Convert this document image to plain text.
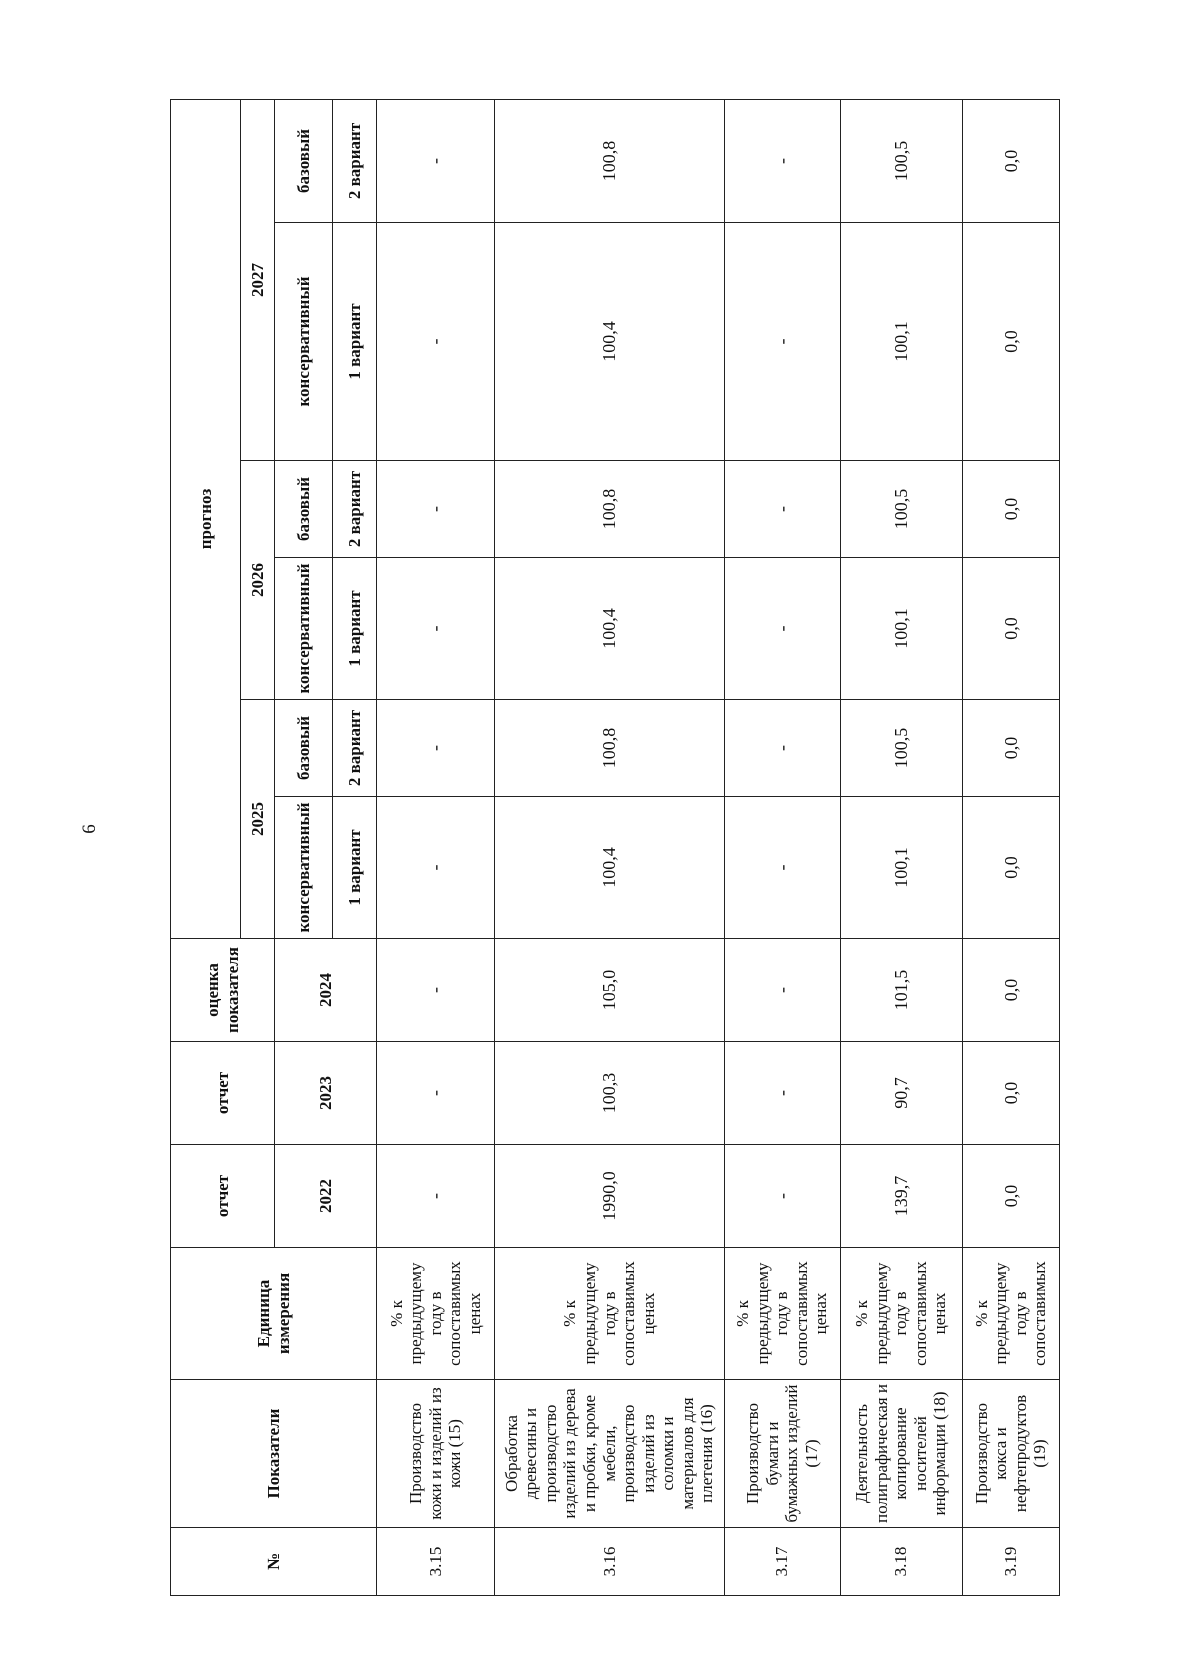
6
№	Показатели	Единица измерения	отчет	отчет	оценка показателя	прогноз					
						2025		2026		2027	
			2022	2023	2024	консервативный	базовый	консервативный	базовый	консервативный	базовый
						1 вариант	2 вариант	1 вариант	2 вариант	1 вариант	2 вариант
3.15	Производство кожи и изделий из кожи (15)	% к предыдущему году в сопоставимых ценах	-	-	-	-	-	-	-	-	-
3.16	Обработка древесины и производство изделий из дерева и пробки, кроме мебели, производство изделий из соломки и материалов для плетения (16)	% к предыдущему году в сопоставимых ценах	1990,0	100,3	105,0	100,4	100,8	100,4	100,8	100,4	100,8
3.17	Производство бумаги и бумажных изделий (17)	% к предыдущему году в сопоставимых ценах	-	-	-	-	-	-	-	-	-
3.18	Деятельность полиграфическая и копирование носителей информации (18)	% к предыдущему году в сопоставимых ценах	139,7	90,7	101,5	100,1	100,5	100,1	100,5	100,1	100,5
3.19	Производство кокса и нефтепродуктов (19)	% к предыдущему году в сопоставимых	0,0	0,0	0,0	0,0	0,0	0,0	0,0	0,0	0,0
